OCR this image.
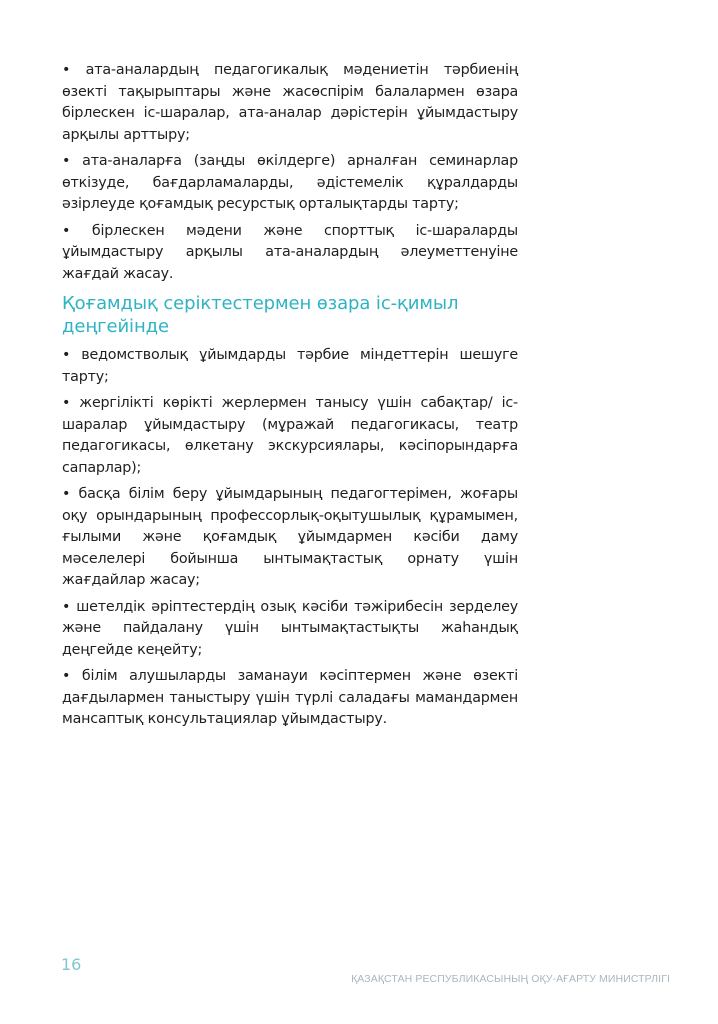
• ата-аналардың педагогикалық мәдениетін тәрбиенің өзекті тақырыптары және жасөспірім балалармен өзара бірлескен іс-шаралар, ата-аналар дәрістерін ұйымдастыру арқылы арттыру;

• ата-аналарға (заңды өкілдерге) арналған семинарлар өткізуде, бағдарламаларды, әдістемелік құралдарды әзірлеуде қоғамдық ресурстық орталықтарды тарту;

• бірлескен мәдени және спорттық іс-шараларды ұйымдастыру арқылы ата-аналардың әлеуметтенуіне жағдай жасау.

Қоғамдық серіктестермен өзара іс-қимыл деңгейінде

• ведомстволық ұйымдарды тәрбие міндеттерін шешуге тарту;

• жергілікті көрікті жерлермен танысу үшін сабақтар/ іс-шаралар ұйымдастыру (мұражай педагогикасы, театр педагогикасы, өлкетану экскурсиялары, кәсіпорындарға сапарлар);

• басқа білім беру ұйымдарының педагогтерімен, жоғары оқу орындарының профессорлық-оқытушылық құрамымен, ғылыми және қоғамдық ұйымдармен кәсіби даму мәселелері бойынша ынтымақтастық орнату үшін жағдайлар жасау;

• шетелдік әріптестердің озық кәсіби тәжірибесін зерделеу және пайдалану үшін ынтымақтастықты жаһандық деңгейде кеңейту;

• білім алушыларды заманауи кәсіптермен және өзекті дағдылармен таныстыру үшін түрлі саладағы мамандармен мансаптық консультациялар ұйымдастыру.

16
ҚАЗАҚСТАН РЕСПУБЛИКАСЫНЫҢ ОҚУ-АҒАРТУ МИНИСТРЛІГІ
